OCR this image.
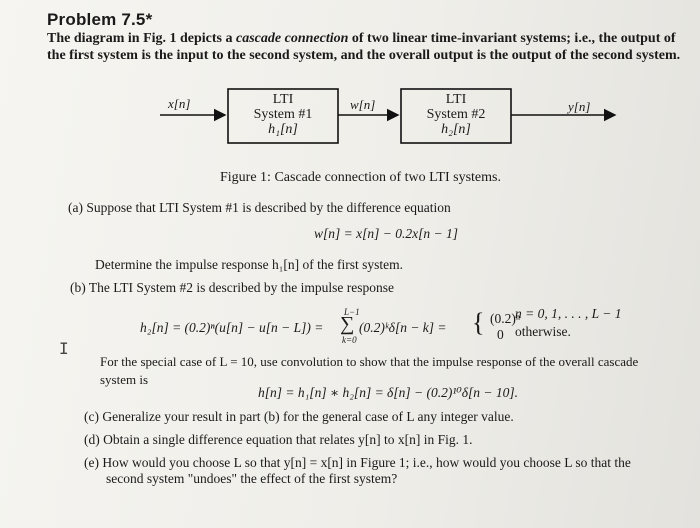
Problem 7.5*
The diagram in Fig. 1 depicts a cascade connection of two linear time-invariant systems; i.e., the output of the first system is the input to the second system, and the overall output is the output of the second system.
x[n]	w[n]	y[n]
LTI
System #1
h₁[n]
LTI
System #2
h₂[n]
Figure 1: Cascade connection of two LTI systems.
(a) Suppose that LTI System #1 is described by the difference equation
w[n] = x[n] − 0.2x[n − 1]
Determine the impulse response h₁[n] of the first system.
(b) The LTI System #2 is described by the impulse response
h₂[n] = (0.2)ⁿ(u[n] − u[n − L]) =
L−1
∑
k=0
(0.2)ᵏδ[n − k] = { (0.2)ⁿ
n = 0, 1, . . . , L − 1
0 otherwise.
I
For the special case of L = 10, use convolution to show that the impulse response of the overall cascade
system is
h[n] = h₁[n] ∗ h₂[n] = δ[n] − (0.2)¹⁰δ[n − 10].
(c) Generalize your result in part (b) for the general case of L any integer value.
(d) Obtain a single difference equation that relates y[n] to x[n] in Fig. 1.
(e) How would you choose L so that y[n] = x[n] in Figure 1; i.e., how would you choose L so that the
second system "undoes" the effect of the first system?
